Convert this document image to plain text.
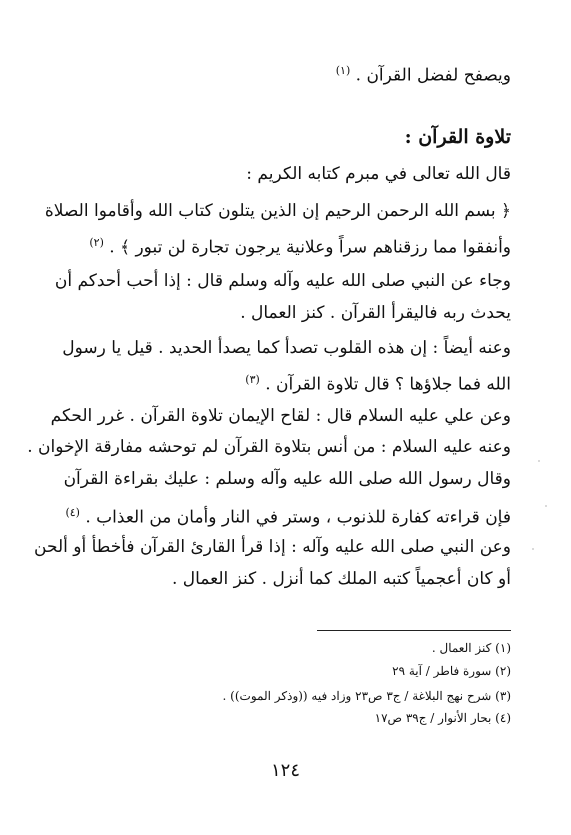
ويصفح لفضل القرآن . $^{(١)}$
تلاوة القرآن :
قال الله تعالى في مبرم كتابه الكريم :
﴿ بسم الله الرحمن الرحيم إن الذين يتلون كتاب الله وأقاموا الصلاة
وأنفقوا مما رزقناهم سراً وعلانية يرجون تجارة لن تبور ﴾ . $^{(٢)}$
وجاء عن النبي صلى الله عليه وآله وسلم قال : إذا أحب أحدكم أن
يحدث ربه فاليقرأ القرآن . كنز العمال .
وعنه أيضاً : إن هذه القلوب تصدأ كما يصدأ الحديد . قيل يا رسول
الله فما جلاؤها ؟ قال تلاوة القرآن . $^{(٣)}$
وعن علي عليه السلام قال : لقاح الإيمان تلاوة القرآن . غرر الحكم
وعنه عليه السلام : من أنس بتلاوة القرآن لم توحشه مفارقة الإخوان .
وقال رسول الله صلى الله عليه وآله وسلم : عليك بقراءة القرآن
فإن قراءته كفارة للذنوب ، وستر في النار وأمان من العذاب . $^{(٤)}$
وعن النبي صلى الله عليه وآله : إذا قرأ القارئ القرآن فأخطأ أو ألحن
أو كان أعجمياً كتبه الملك كما أنزل . كنز العمال .
(١) كنز العمال .
(٢) سورة فاطر / آية ٢٩
(٣) شرح نهج البلاغة / ج٣ ص٢٣ وزاد فيه ((وذكر الموت)) .
(٤) بحار الأنوار / ج٣٩ ص١٧
١٢٤
